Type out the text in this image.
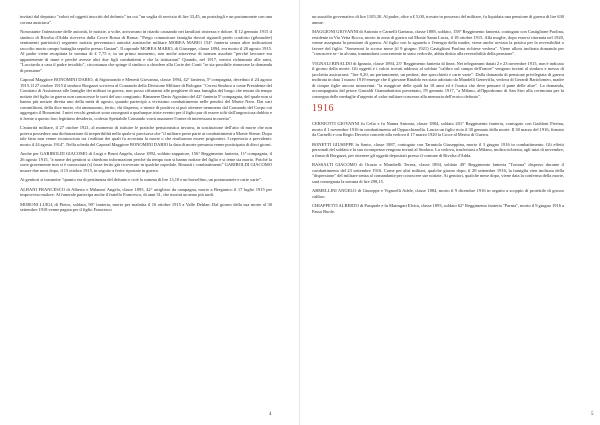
invitati dal deputato "valori ed oggetti inscritti del defunto" tra cui "un vaglia di servizio di lire 33,45, un portafogli e un portamonete con una corona austriaca".

Nonostante l'attenzione delle autorità, le notizie, a volte, arrivavano in ritardo causando nei familiari tristezza e dolore. Il 12 gennaio 1915 il sindaco di Rivolta d'Adda riceveva dalla Croce Rossa di Roma: "Prego comunicare famiglia dovuti riguardi perdo conforto (gibraudee) sentimenti patriottici) seguente notizia pervenutaci autorità austriache militare MOREA MARIO 154° fanteria senza altre indicazioni raccolto morto campo battaglia sepolto presso Gastan". Il caporale MOREA MARIO, di Giuseppe, classe 1894, era morto il 20 agosto 1915. Al padre viene recapitata la somma di £ 7,75 e, in un primo momento, non anche attraverso di nonsen assolate "perché lavorare era appartenente di imne e perché avesse altri due figli combattenti e che la istituzioni" Quando, nel 1917, veniva richiamato alle armi, "Lucciardo a casa il padre invalido", circostanza che spinge il sindaco a chiedere alla Corte dei Conti "se sia possibile rinnovare la domanda di pensione".

Caporal Maggiore BONOMINI DARIO, di Sigismondo e Menetti Giovanna, classe 1894, 42° fanteria, 5ª compagnia, deceduto il 24 agosto 1915. Il 27 ottobre 1915 il sindaco Borgazzi scriveva al Comando della Divisione Militare di Bologna: "Ceresi Sindaco a come Presidente del Comitato di Assistenza alle famiglie dei militari in guerra, non posso rifiutarmi alle preghiere di una famiglia del luogo che tenuto da tempo notizie del figlio in guerra non conoscesse le sorti del suo congiunto. Rimanere Dario Agostino del 42° fanteria 5ª compagnia, del quale non si hanno più notizie diretta uno della metà di agosto, quando partecipò a vivissimo combattimento nelle pendici del Monte Nero. Dai vari commilitoni, della dice morte, chi ammazzato, ferito, chi disperso, e niente di positivo si può ottenere nemmeno dal Comando del Corpo cui aggregato il Bonomini. I miei vecchi genitori sono rassegnati a qualunque triste evento per il figlio pur di essere tolti dall'angosciosa dubbio e ti frente a questo loro legittimo desiderio, codesto Spettabile Comando vorrà assumere l'onere di interessarsi in merito".

L'autorità militare, il 27 ottobre 1921, al momento di istituire le pratiche pensionistica inviava, in sostituzione dell'atto di morte che non poteva possedere una dichiarazione di irreperibilità nella quale si precisava che "il militare prese parte ai combattimenti a Monte Sleme. Dopo tale fatto non venne riconosciuto tra i militari dei quali fu accertata la morte o che risultarono essere prigionieri. I repertorio a prevalenti: morto il 24 agosto 1914". Nella scheda del Caporal Maggiore BONOMINI DARIO la data di morte presunta venne posticipata di dieci giorni.

Anche per GARIBOLDI GIACOMO di Luigi e Bruni Angela, classe 1892, soldato zappatore, 156° Reggimento fanteria, 11ª compagnia, il 26 agosto 1915, "a nome dei genitori si chiedono informazioni perché da tempo non si hanno notizie del figlio e si teme sia morto. Poiché la sorte gravemente non si è conosciuta (s) fosse ferito già ricoverato in qualche ospedale. Rimasti i combattimenti" GARIBOLDI GIACOMO muore due mesi dopo, il 15 ottobre 1915, in seguito a ferite riportate in guerra.

Ai genitori si trasmette "quanto era di pertinenza del defunto e cioè la somma di lire 13,10 e un borsellino, un portamonete e carte varie".

ALBANI FRANCESCO di Alberto e Milanesi Angela, classe 1895, 42° artigliero da campagna, morto a Breganico il 17 luglio 1915 per improvviso malore. Al funerale partecipa anche il fratello Francesco, di anni 31, che morirà un anno più tardi.

MORONI LUIGI, di Pietro, soldato, 90° fanteria, morto per malattia il 16 ottobre 1915 a Valle Dehlan. Dal giorno della sua morte al 30 settembre 1918 venne pagata per il figlio Francesco

un sussidio governativo di lire 1105,30. Al padre, oltre a £ 5,00, trovate in possesso del militare, fu liquidata una pensione di guerra di lire 630 annue.

MAGGIONI GIOVANNI di Antonio e Carnelli Gaetana, classe 1888, soldato, 158° Reggimento fanteria, coniugato con Castiglione Paolina, residente in Via Vetta Rocca, morto in zona di guerra sul Monte Santa Lucia, il 18 ottobre 1915. Alla moglie, dopo essersi ritornata nel 1920, venne assegnata la pensione di guerra. Al figlio con lo sguardo e l'energia della madre, viene anche avviata la pratica per la reversibilità o favore del figlio. "Someroni lo scorso mese (il 9 giugno 1921) Castiglioni Paolina richiese vedova". Viene allora inoltrata domanda per "conoscere se - in alcuna, tramandarsi concernente in stato vedovile, abbia diritto alla reversibilità della pensione".

VIGNALI RINALDO di Ignazio, classe 1894, 23° Reggimento fanteria di linea. Nei telegrammi datati 2 e 23 novembre 1915, non è indicato il giorno della morte. Gli oggetti e i valori trovati addosso al soldato "calibro sul campo dell'onore" vengono inviati al sindaco e messo di jacchetta assicurarsi: "lire 9,20, un portamonete, un pettine, due specchietti e carte varie". Dalla domanda di pensione privilegiata di guerra inoltrata in data 1 marzo 1919 emerge che il giovane Rinaldo era stato adottato da Mandelli Geneviffa, vedova di Gerardi Bartolomeo, madre di cinque figlie ancora minorenni: "la maggiore delle quali ha 18 anni ed è l'unica che deve pensare il pane delle altre". La domanda, accompagnata dal priore Gastaldi Giannabattista presentato, l'8 gennaio 1917, "a Milano, all'Ippodromo di San Siro alla cerimonia per la consegna delle medaglie d'argento al valor militare concesse alla memoria dell'eroico defunto".

1916

CERNIOTTI GIOVANNI fu Celio e fu Nanna Antonia, classe 1884, soldato 201° Reggimento fanteria, coniugato con Gaddoni Pierina, morto il 1 novembre 1916 in combattimento ad Oppacchiasella. Lascia un figlio ricio il 30 gennaio della morte. Il 30 marzo del 1916, firmato da Carnelli e con Regio Decreto concede alla vedova il 17 marzo 1920 la Croce al Merito di Guerra.

BONETTI GIUSEPPE fu Santo, classe 1887, coniugato con Tarantola Giuseppina, morto il 3 giugno 1916 in combattimento. Gli effetti personali del soldato e la sua ricompensa vengono inviati al Sindaco. La vedova, trasferitasi a Milano, inoltra richiesta, agli inizi di novembre, a firma di Borgazzi, per ottenere gli oggetti depositati presso il comune di Rivolta d'Adda.

BASSALTI GIACOMO di Orazio e Mombelli Teresa, classe 1894, soldato 49° Reggimento fanteria "Tortona" disperso durante il combattimento del 23 settembre 1916. Come per altri militari, qualche giorno dopo, il 28 settembre 1916, la famiglia vien inoltrata della "dispersione" del militare senza al comandante per conoscere sue notizie. Ai genitori, qualche mese dopo, viene data la conferma della morte, sarà consegnata la somma di lire 298,15.

ARMELLINI ANGELO di Giuseppe e Vignoelli Adele, classe 1884, morto il 9 dicembre 1916 in seguito a scoppio di proiettile di grosso calibro.

CHIAPPETTI ALBERTO di Pasquale e fu Maimgart Elvira, classe 1893, soldato 62° Reggimento fanteria "Parma", morto il 9 giugno 1916 a Passo Buole.

4	5
